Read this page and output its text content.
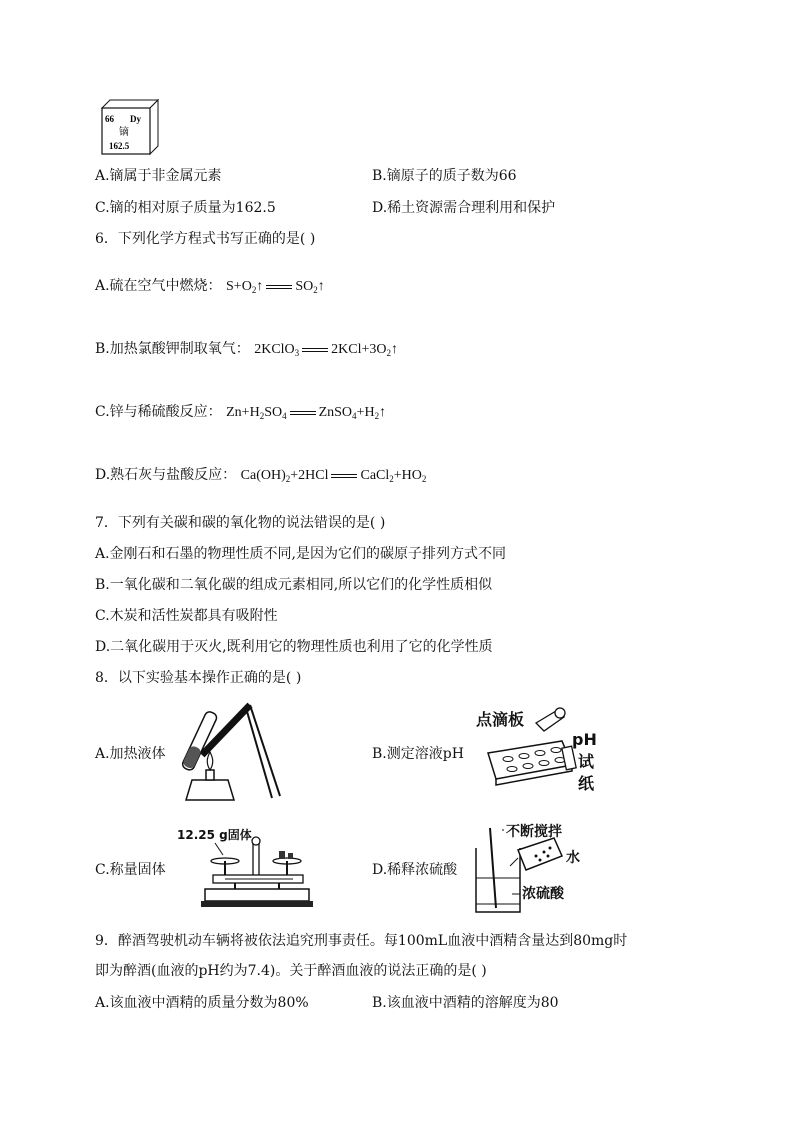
66 Dy
镝
162.5
A.镝属于非金属元素	B.镝原子的质子数为66
C.镝的相对原子质量为162.5	D.稀土资源需合理利用和保护
6．下列化学方程式书写正确的是( )
A.硫在空气中燃烧： $S+O_2↑$ $SO_2↑$
B.加热氯酸钾制取氧气： 2KClO$_3$ $2KCl+3O_2↑$
C.锌与稀硫酸反应： $Zn+H_2SO_4$ $ZnSO_4+H_2↑$
D.熟石灰与盐酸反应： $Ca(OH)_2+2HCl$ $CaCl_2+HO_2$
7．下列有关碳和碳的氧化物的说法错误的是( )
A.金刚石和石墨的物理性质不同,是因为它们的碳原子排列方式不同
B.一氧化碳和二氧化碳的组成元素相同,所以它们的化学性质相似
C.木炭和活性炭都具有吸附性
D.二氧化碳用于灭火,既利用它的物理性质也利用了它的化学性质
8．以下实验基本操作正确的是( )
A.加热液体	B.测定溶液pH
点滴板
pH
试
纸
C.称量固体
12.25 g固体
D.稀释浓硫酸
不断搅拌
水
浓硫酸
9．醉酒驾驶机动车辆将被依法追究刑事责任。每100mL血液中酒精含量达到80mg时
即为醉酒(血液的pH约为7.4)。关于醉酒血液的说法正确的是( )
A.该血液中酒精的质量分数为80%	B.该血液中酒精的溶解度为80
